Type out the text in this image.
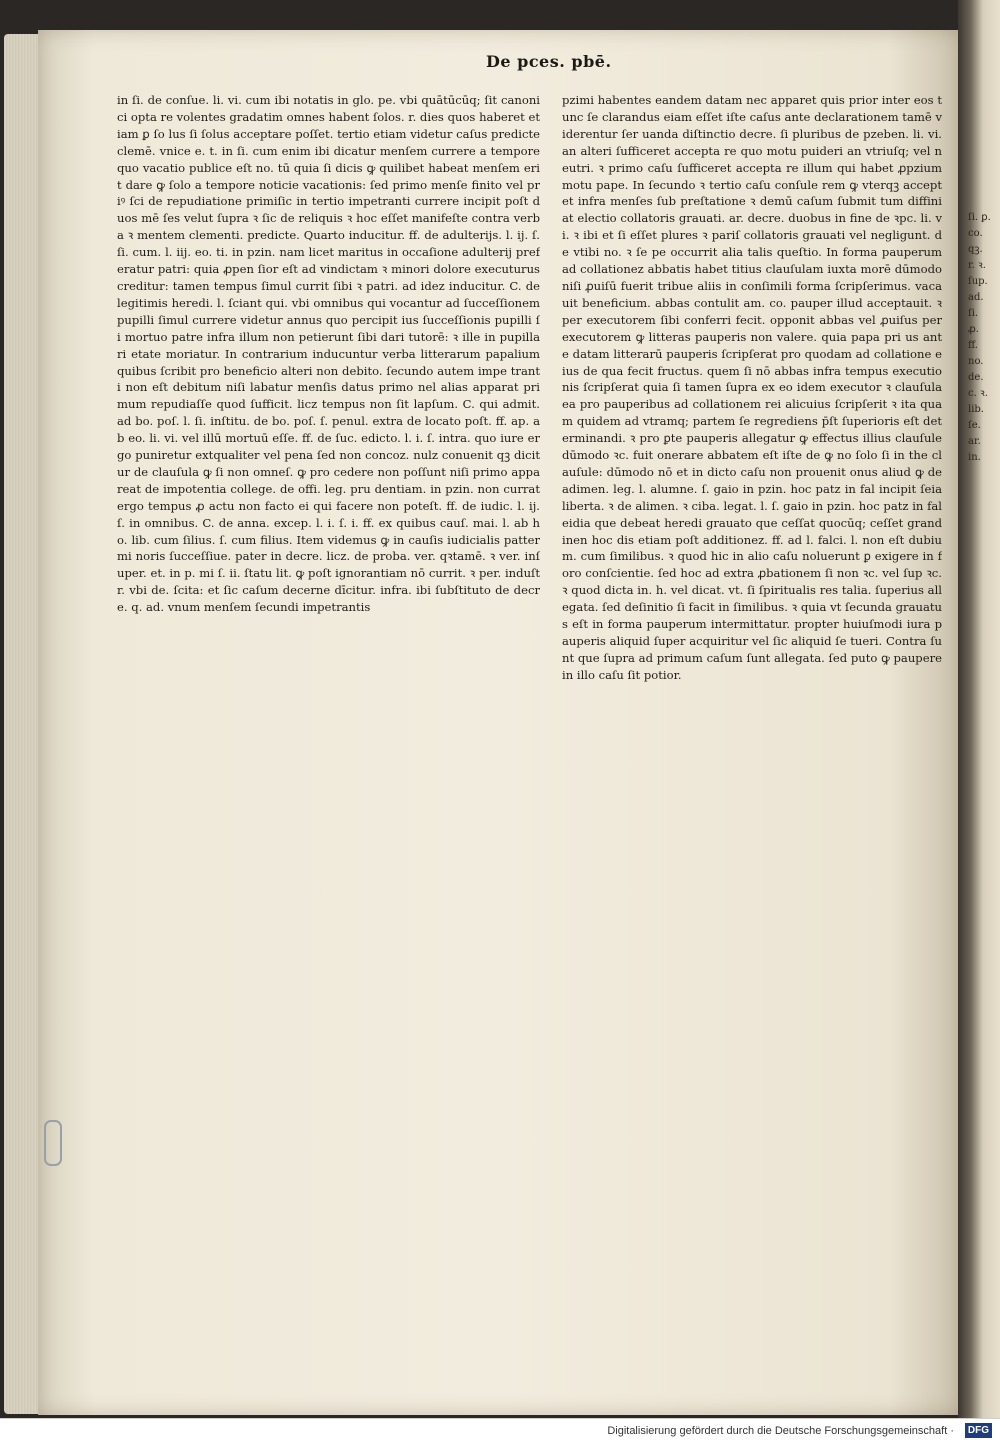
De pces. pbē.
in ſi. de conſue. li. vi. cum ibi notatis in glo. pe. vbi quātūcūq; ſit canonici opta re volentes gradatim omnes habent ſolos. r. dies quos haberet etiam ꝑ ſo lus ſi ſolus acceptare poſſet. tertio etiam videtur caſus predicte clemē. vnice e. t. in ſi. cum enim ibi dicatur menſem currere a tempore quo vacatio publice eſt no. tū quia ſi dicis ꝙ quilibet habeat menſem erit dare ꝙ ſolo a tempore noticie vacationis: ſed primo menſe finito vel priꝰ ſci de repudiatione primiſic in tertio impetranti currere incipit poſt duos mē ſes velut ſupra ꝛ ſic de reliquis ꝛ hoc eſſet manifeſte contra verba ꝛ mentem clementi. predicte. Quarto inducitur. ff. de adulterijs. l. ij. ſ. ſi. cum. l. iij. eo. ti. in pzin. nam licet maritus in occaſione adulterij preferatur patri: quia ꝓpen ſior eſt ad vindictam ꝛ minori dolore executurus creditur: tamen tempus ſimul currit ſibi ꝛ patri. ad idez inducitur. C. de legitimis heredi. l. ſciant qui. vbi omnibus qui vocantur ad ſucceſſionem pupilli ſimul currere videtur annus quo percipit ius ſucceſſionis pupilli ſi mortuo patre infra illum non petierunt ſibi dari tutorē: ꝛ ille in pupillari etate moriatur. In contrarium inducuntur verba litterarum papalium quibus ſcribit pro beneficio alteri non debito. ſecundo autem impe tranti non eſt debitum niſi labatur menſis datus primo nel alias apparat pri mum repudiaſſe quod ſufficit. licz tempus non ſit lapſum. C. qui admit. ad bo. poſ. l. ſi. inſtitu. de bo. poſ. ſ. penul. extra de locato poſt. ff. ap. ab eo. li. vi. vel illū mortuū eſſe. ff. de ſuc. edicto. l. i. ſ. intra. quo iure ergo puniretur extqualiter vel pena ſed non concoz. nulz conuenit qꝫ dicitur de clauſula ꝙ ſi non omneſ. ꝙ pro cedere non poſſunt niſi primo appareat de impotentia college. de offi. leg. pru dentiam. in pzin. non currat ergo tempus ꝓ actu non facto ei qui facere non poteſt. ff. de iudic. l. ij. ſ. in omnibus. C. de anna. excep. l. i. ſ. i. ff. ex quibus cauſ. mai. l. ab ho. lib. cum ſilius. ſ. cum filius. Item videmus ꝙ in cauſis iudicialis patter mi noris ſucceſſiue. pater in decre. licz. de proba. ver. qꝛtamē. ꝛ ver. inſuper. et. in p. mi ſ. ii. ſtatu lit. ꝙ poſt ignorantiam nō currit. ꝛ per. induſtr. vbi de. ſcita: et ſic caſum decerne dīcitur. infra. ibi ſubſtituto de decre. q. ad. vnum menſem ſecundi impetrantis
pzimi habentes eandem datam nec apparet quis prior inter eos tunc ſe clarandus eiam eſſet iſte caſus ante declarationem tamē viderentur ſer uanda diſtinctio decre. ſi pluribus de pzeben. li. vi. an alteri ſufficeret accepta re quo motu puideri an vtriuſq; vel neutri. ꝛ primo caſu ſufficeret accepta re illum qui habet ꝓpzium motu pape. In ſecundo ꝛ tertio caſu conſule rem ꝙ vterqꝫ acceptet infra menſes ſub preſtatione ꝛ demū caſum ſubmit tum diffiniat electio collatoris grauati. ar. decre. duobus in fine de ꝛpc. li. vi. ꝛ ibi et ſi eſſet plures ꝛ pariſ collatoris grauati vel negligunt. de vtibi no. ꝛ ſe pe occurrit alia talis queſtio. In forma pauperum ad collationez abbatis habet titius clauſulam iuxta morē dūmodo niſi ꝓuiſū fuerit tribue aliis in conſimili forma ſcripſerimus. vacauit beneficium. abbas contulit am. co. pauper illud acceptauit. ꝛ per executorem ſibi conferri fecit. opponit abbas vel ꝓuiſus per executorem ꝙ litteras pauperis non valere. quia papa pri us ante datam litterarū pauperis ſcripſerat pro quodam ad collatione eius de qua fecit fructus. quem ſi nō abbas infra tempus executionis ſcripſerat quia ſi tamen ſupra ex eo idem executor ꝛ clauſula ea pro pauperibus ad collationem rei alicuius ſcripſerit ꝛ ita quam quidem ad vtramq; partem ſe regrediens p̄ſt ſuperioris eſt determinandi. ꝛ pro ꝑte pauperis allegatur ꝙ effectus illius clauſule dūmodo ꝛc. fuit onerare abbatem eſt iſte de ꝙ no ſolo ſi in the clauſule: dūmodo nō et in dicto caſu non prouenit onus aliud ꝙ de adimen. leg. l. alumne. ſ. gaio in pzin. hoc patz in fal incipit ſeia liberta. ꝛ de alimen. ꝛ ciba. legat. l. ſ. gaio in pzin. hoc patz in fal eidia que debeat heredi grauato que ceſſat quocūq; ceſſet grandinen hoc dis etiam poſt additionez. ff. ad l. falci. l. non eſt dubium. cum ſimilibus. ꝛ quod hic in alio caſu noluerunt ꝑ exigere in foro conſcientie. ſed hoc ad extra ꝓbationem ſi non ꝛc. vel ſup ꝛc. ꝛ quod dicta in. h. vel dicat. vt. ſi ſpiritualis res talia. ſuperius allegata. ſed deſinitio ſi facit in ſimilibus. ꝛ quia vt ſecunda grauatus eſt in forma pauperum intermittatur. propter huiuſmodi iura pauperis aliquid ſuper acquiritur vel ſic aliquid ſe tueri. Contra ſunt que ſupra ad primum caſum ſunt allegata. ſed puto ꝙ paupere in illo caſu ſit potior.
ſi. ꝑ. co. qꝫ. r. ꝛ. ſup. ad. ſi. ꝓ. ff. no. de. c. ꝛ. lib. ſe. ar. in.
Digitalisierung gefördert durch die Deutsche Forschungsgemeinschaft ·	DFG
